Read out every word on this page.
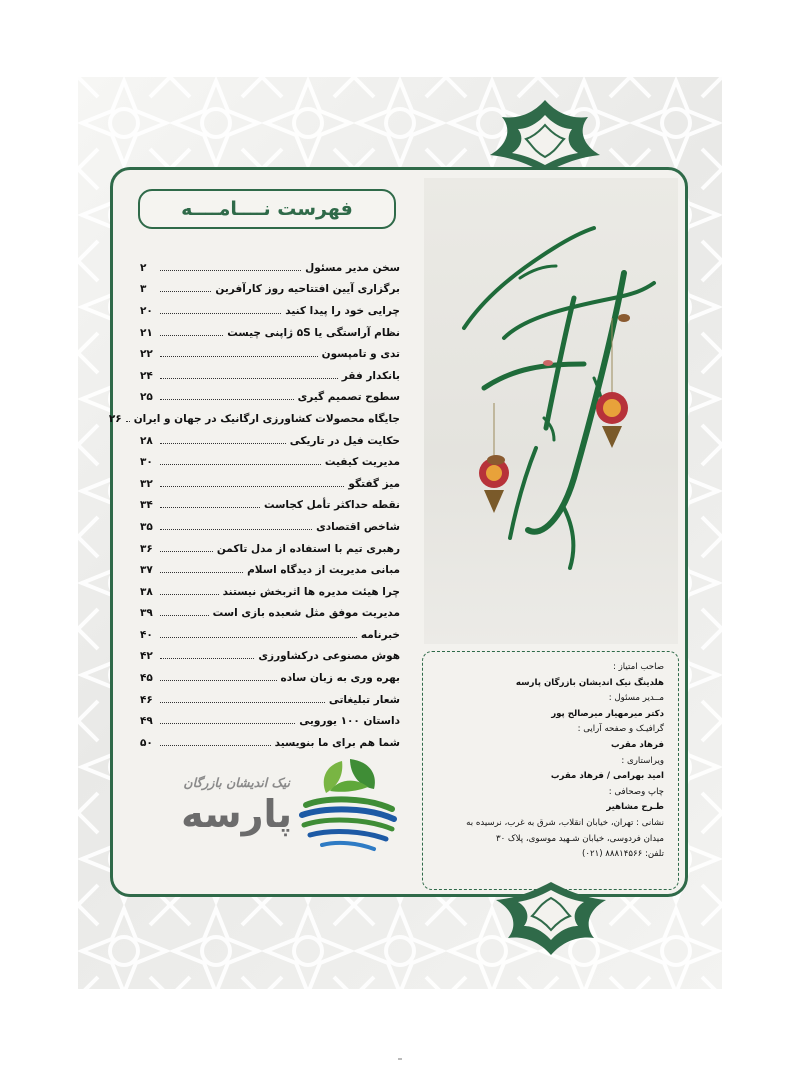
فهرست نــــامــــه
سخن مدیر مسئول
۲
برگزاری آیین افتتاحیه روز کارآفرین
۳
چرایی خود را پیدا کنید
۲۰
نظام آراستگی یا ۵S ژاپنی چیست
۲۱
تدی و تامپسون
۲۲
بانکدار فقر
۲۴
سطوح تصمیم گیری
۲۵
جایگاه محصولات کشاورزی ارگانیک در جهان و ایران
۲۶
حکایت فیل در تاریکی
۲۸
مدیریت کیفیت
۳۰
میز گفتگو
۳۲
نقطه حداکثر تأمل کجاست
۳۴
شاخص اقتصادی
۳۵
رهبری تیم با استفاده از مدل تاکمن
۳۶
مبانی مدیریت از دیدگاه اسلام
۳۷
چرا هیئت مدیره ها اثربخش نیستند
۳۸
مدیریت موفق مثل شعبده بازی است
۳۹
خبرنامه
۴۰
هوش مصنوعی درکشاورزی
۴۲
بهره وری به زبان ساده
۴۵
شعار تبلیغاتی
۴۶
داستان ۱۰۰ یورویی
۴۹
شما هم برای ما بنویسید
۵۰
صاحب امتیاز :
هلدینگ نیک اندیشان بازرگان پارسه
مــدیر مسئول :
دکتر میرمهیار میرصالح پور
گرافیـک و صفحه آرایی :
فرهاد مقرب
ویراستاری :
امید بهرامی / فرهاد مقرب
چاپ وصحافی :
طـرح مشاهیر
نشانی : تهران، خیابان انقلاب، شرق به غرب، نرسیده به
میدان فردوسی، خیابان شـهید موسوی، پلاک ۳۰
تلفن: ۸۸۸۱۴۵۶۶ (۰۲۱)
نیک اندیشان بازرگان
پارسه
